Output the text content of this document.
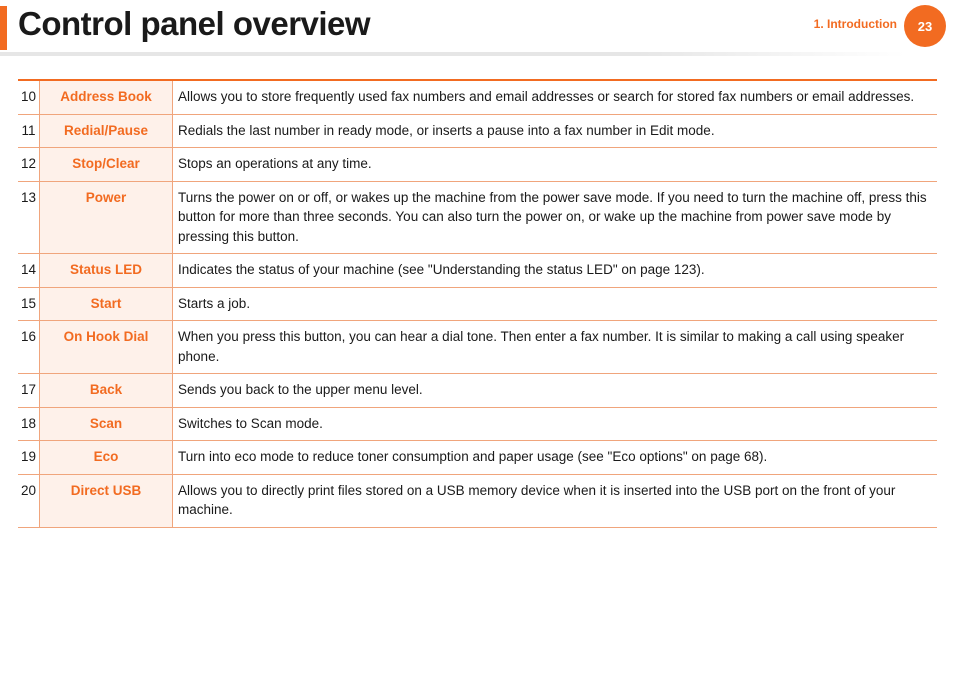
Control panel overview	1. Introduction	23
10	Address Book	Allows you to store frequently used fax numbers and email addresses or search for stored fax numbers or email addresses.
11	Redial/Pause	Redials the last number in ready mode, or inserts a pause into a fax number in Edit mode.
12	Stop/Clear	Stops an operations at any time.
13	Power	Turns the power on or off, or wakes up the machine from the power save mode. If you need to turn the machine off, press this button for more than three seconds. You can also turn the power on, or wake up the machine from power save mode by pressing this button.
14	Status LED	Indicates the status of your machine (see "Understanding the status LED" on page 123).
15	Start	Starts a job.
16	On Hook Dial	When you press this button, you can hear a dial tone. Then enter a fax number. It is similar to making a call using speaker phone.
17	Back	Sends you back to the upper menu level.
18	Scan	Switches to Scan mode.
19	Eco	Turn into eco mode to reduce toner consumption and paper usage (see "Eco options" on page 68).
20	Direct USB	Allows you to directly print files stored on a USB memory device when it is inserted into the USB port on the front of your machine.
